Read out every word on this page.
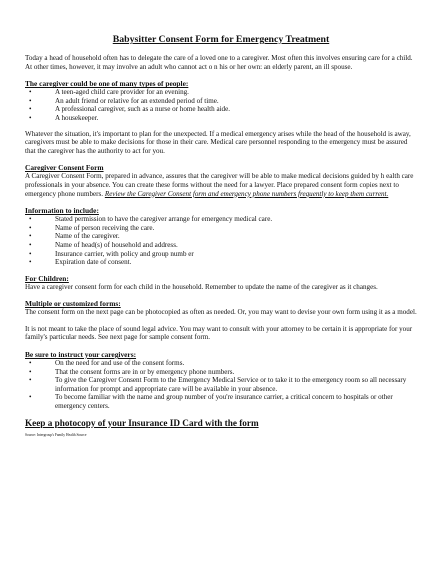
Babysitter Consent Form for Emergency Treatment

Today a head of household often has to delegate the care of a loved one to a caregiver. Most often this involves ensuring care for a child. At other times, however, it may involve an adult who cannot act o n his or her own: an elderly parent, an ill spouse.

The caregiver could be one of many types of people:
•	A teen-aged child care provider for an evening.
•	An adult friend or relative for an extended period of time.
•	A professional caregiver, such as a nurse or home health aide.
•	A housekeeper.

Whatever the situation, it's important to plan for the unexpected. If a medical emergency arises while the head of the household is away, caregivers must be able to make decisions for those in their care. Medical care personnel responding to the emergency must be assured that the caregiver has the authority to act for you.

Caregiver Consent Form

A Caregiver Consent Form, prepared in advance, assures that the caregiver will be able to make medical decisions guided by h ealth care professionals in your absence. You can create these forms without the need for a lawyer. Place prepared consent form copies next to emergency phone numbers. Review the Caregiver Consent form and emergency phone numbers frequently to keep them current.

Information to include:
•	Stated permission to have the caregiver arrange for emergency medical care.
•	Name of person receiving the care.
•	Name of the caregiver.
•	Name of head(s) of household and address.
•	Insurance carrier, with policy and group numb er
•	Expiration date of consent.
For Children:

Have a caregiver consent form for each child in the household. Remember to update the name of the caregiver as it changes.

Multiple or customized forms:

The consent form on the next page can be photocopied as often as needed. Or, you may want to devise your own form using it as a model.

It is not meant to take the place of sound legal advice. You may want to consult with your attorney to be certain it is appropriate for your family's particular needs. See next page for sample consent form.

Be sure to instruct your caregivers:
•	On the need for and use of the consent forms.
•	That the consent forms are in or by emergency phone numbers.
•	To give the Caregiver Consent Form to the Emergency Medical Service or to take it to the emergency room so all necessary information for prompt and appropriate care will be available in your absence.
•	To become familiar with the name and group number of you're insurance carrier, a critical concern to hospitals or other emergency centers.
Keep a photocopy of your Insurance ID Card with the form
Source: Intergroup's Family Health Source
